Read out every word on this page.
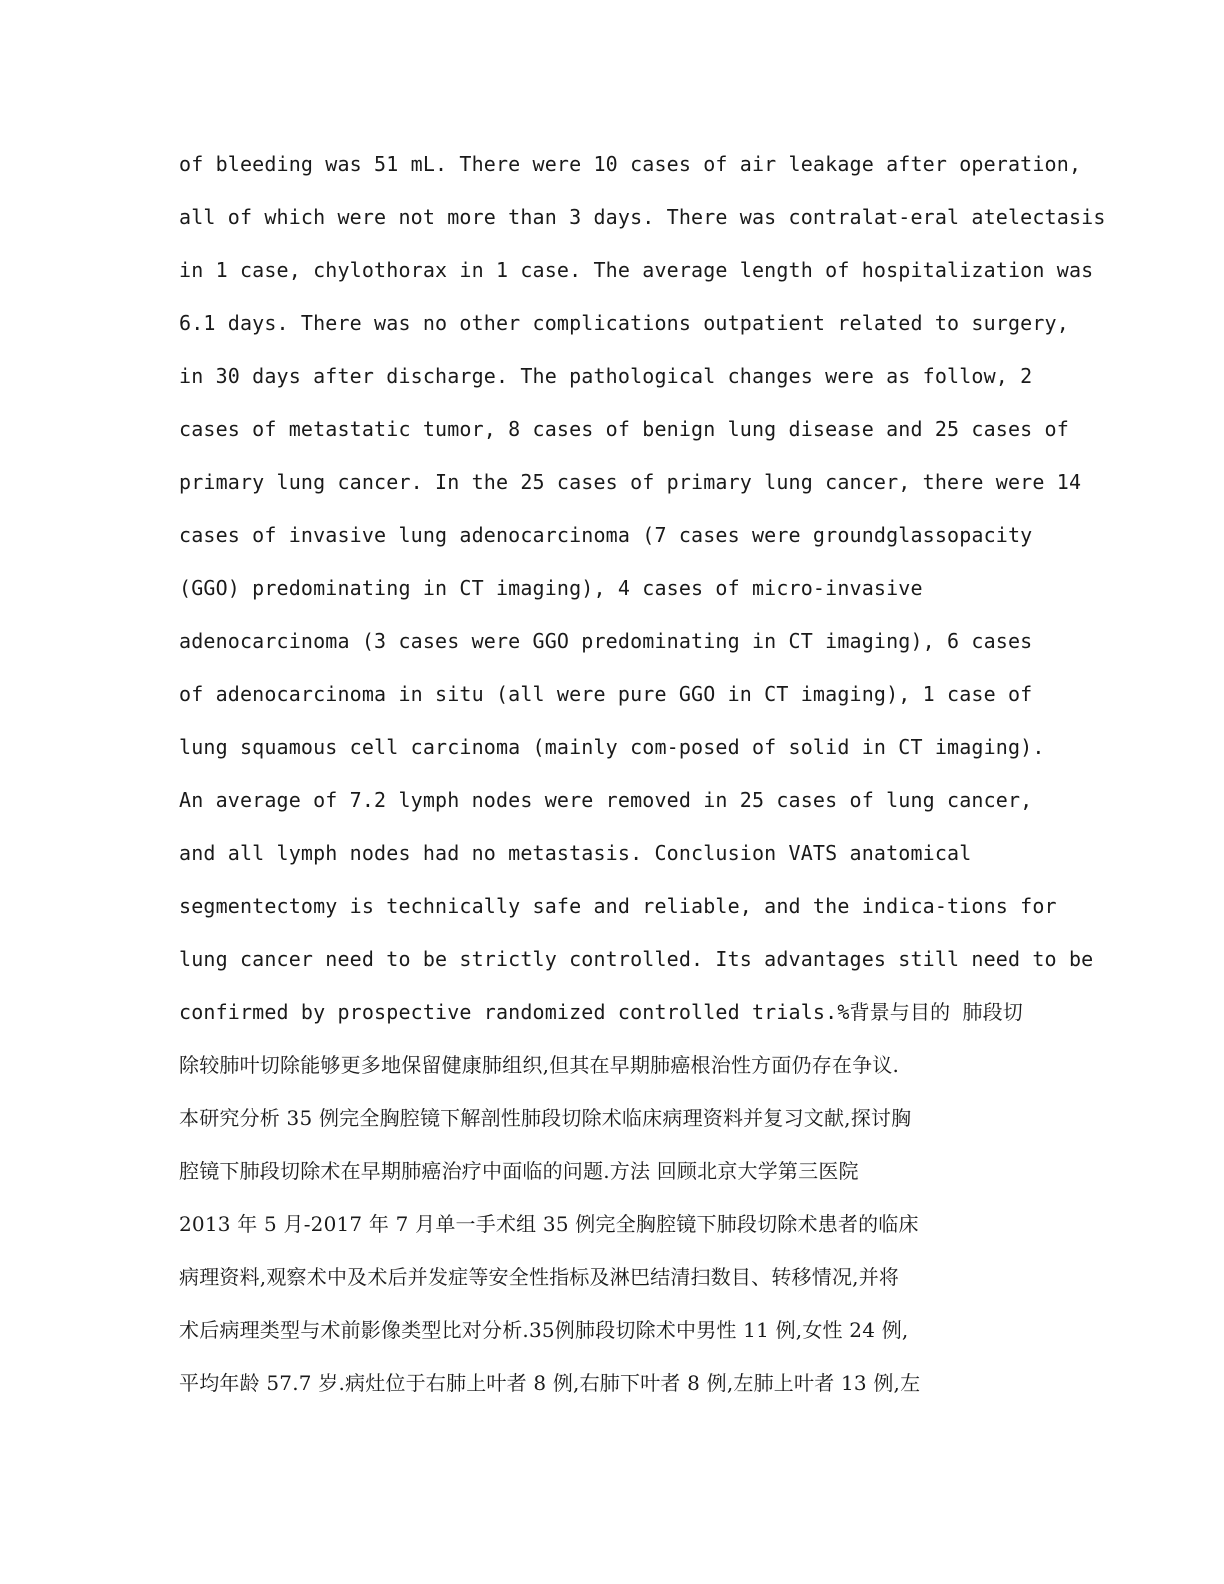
of bleeding was 51 mL. There were 10 cases of air leakage after operation,
all of which were not more than 3 days. There was contralat-eral atelectasis
in 1 case, chylothorax in 1 case. The average length of hospitalization was
6.1 days. There was no other complications outpatient related to surgery,
in 30 days after discharge. The pathological changes were as follow, 2
cases of metastatic tumor, 8 cases of benign lung disease and 25 cases of
primary lung cancer. In the 25 cases of primary lung cancer, there were 14
cases of invasive lung adenocarcinoma (7 cases were groundglassopacity
(GGO) predominating in CT imaging), 4 cases of micro-invasive
adenocarcinoma (3 cases were GGO predominating in CT imaging), 6 cases
of adenocarcinoma in situ (all were pure GGO in CT imaging), 1 case of
lung squamous cell carcinoma (mainly com-posed of solid in CT imaging).
An average of 7.2 lymph nodes were removed in 25 cases of lung cancer,
and all lymph nodes had no metastasis. Conclusion VATS anatomical
segmentectomy is technically safe and reliable, and the indica-tions for
lung cancer need to be strictly controlled. Its advantages still need to be
confirmed by prospective randomized controlled trials.%背景与目的 肺段切
除较肺叶切除能够更多地保留健康肺组织,但其在早期肺癌根治性方面仍存在争议.
本研究分析 35 例完全胸腔镜下解剖性肺段切除术临床病理资料并复习文献,探讨胸
腔镜下肺段切除术在早期肺癌治疗中面临的问题.方法 回顾北京大学第三医院
2013 年 5 月-2017 年 7 月单一手术组 35 例完全胸腔镜下肺段切除术患者的临床
病理资料,观察术中及术后并发症等安全性指标及淋巴结清扫数目、转移情况,并将
术后病理类型与术前影像类型比对分析.35例肺段切除术中男性 11 例,女性 24 例,
平均年龄 57.7 岁.病灶位于右肺上叶者 8 例,右肺下叶者 8 例,左肺上叶者 13 例,左
